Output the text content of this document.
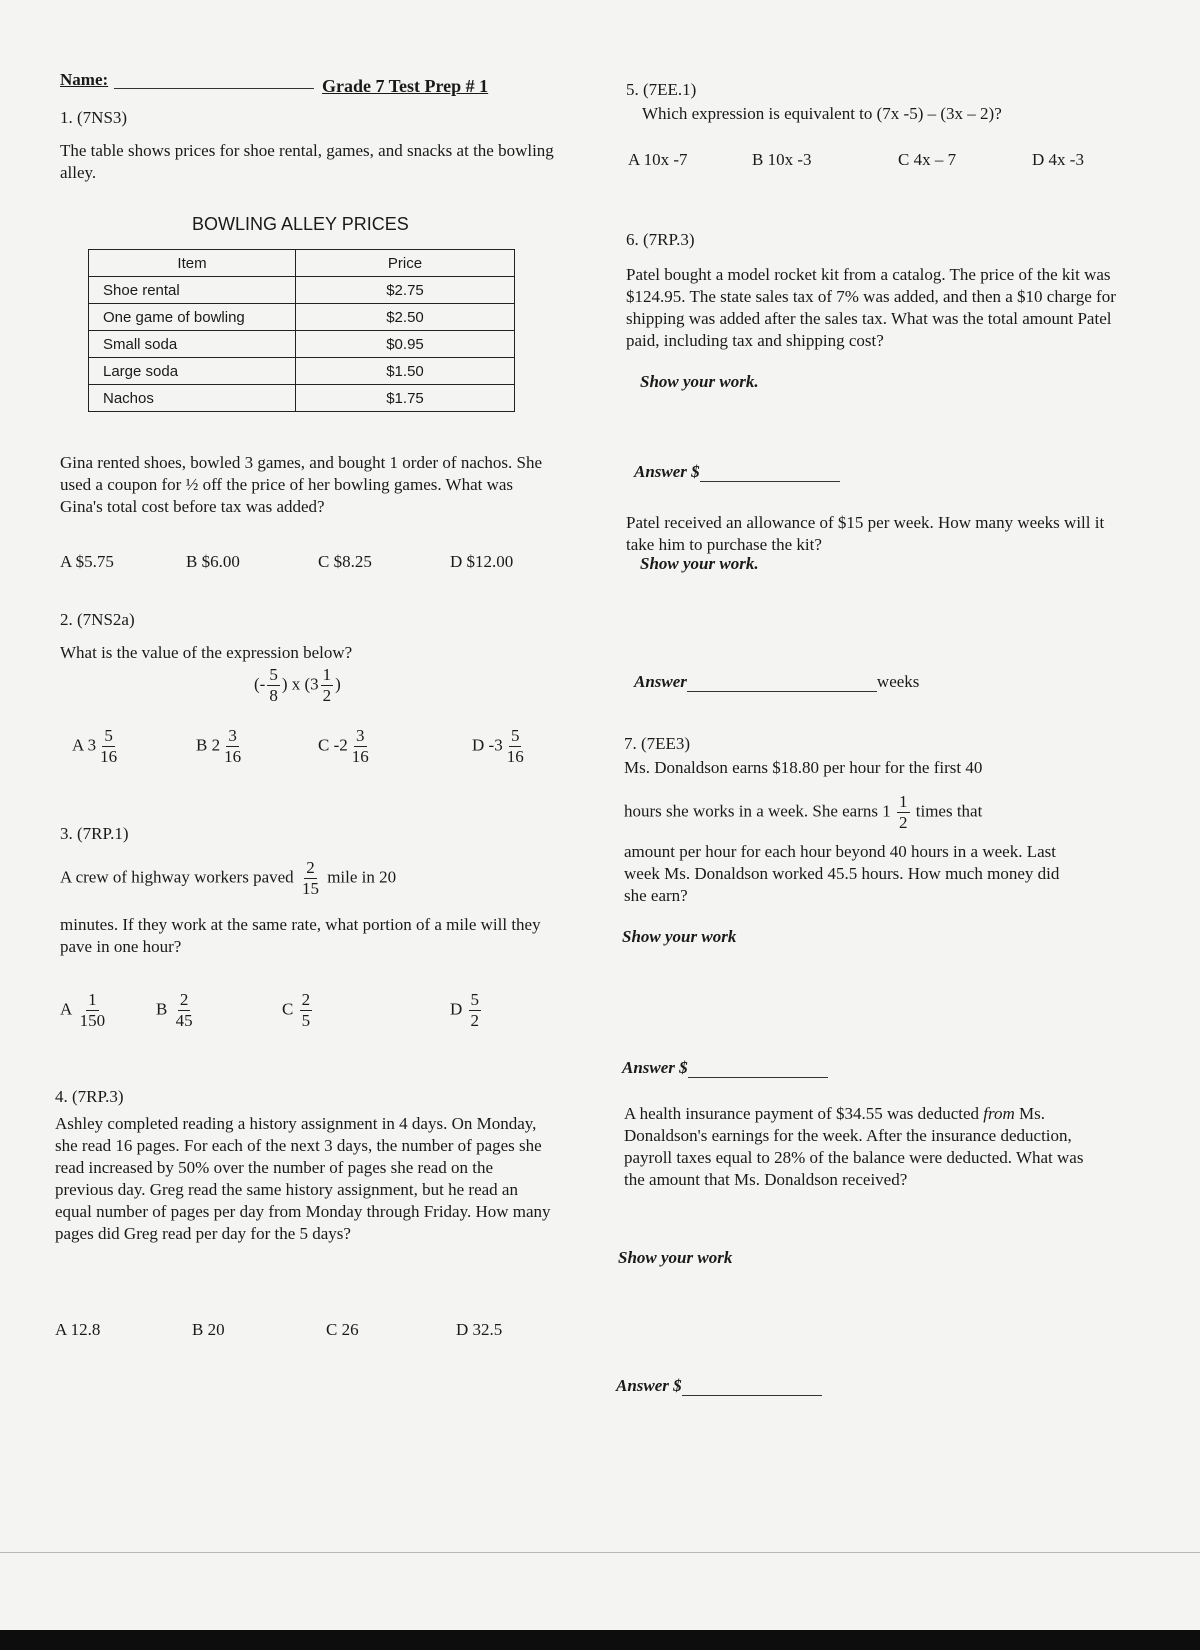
Name:	Grade 7 Test Prep # 1
1. (7NS3)
The table shows prices for shoe rental, games, and snacks at the bowling alley.
BOWLING ALLEY PRICES
Item	Price
Shoe rental	$2.75
One game of bowling	$2.50
Small soda	$0.95
Large soda	$1.50
Nachos	$1.75
Gina rented shoes, bowled 3 games, and bought 1 order of nachos. She used a coupon for ½ off the price of her bowling games. What was Gina's total cost before tax was added?
A $5.75	B $6.00	C $8.25	D $12.00
2. (7NS2a)
What is the value of the expression below?
(- $\frac{5}{8}$ ) x ($3 \frac{1}{2}$ )
A $3 \frac{5}{16}$	B $2 \frac{3}{16}$	C $-2 \frac{3}{16}$	D $-3 \frac{5}{16}$
3. (7RP.1)
A crew of highway workers paved $\frac{2}{15}$ mile in 20
minutes. If they work at the same rate, what portion of a mile will they pave in one hour?
A $\frac{1}{150}$	B $\frac{2}{45}$	C $\frac{2}{5}$	D $\frac{5}{2}$
4. (7RP.3)
Ashley completed reading a history assignment in 4 days. On Monday, she read 16 pages. For each of the next 3 days, the number of pages she read increased by 50% over the number of pages she read on the previous day. Greg read the same history assignment, but he read an equal number of pages per day from Monday through Friday. How many pages did Greg read per day for the 5 days?
A 12.8	B 20	C 26	D 32.5
5. (7EE.1)
Which expression is equivalent to (7x -5) – (3x – 2)?
A 10x -7	B 10x -3	C 4x – 7	D 4x -3
6. (7RP.3)
Patel bought a model rocket kit from a catalog. The price of the kit was $124.95. The state sales tax of 7% was added, and then a $10 charge for shipping was added after the sales tax. What was the total amount Patel paid, including tax and shipping cost?
Show your work.
Answer $
Patel received an allowance of $15 per week. How many weeks will it take him to purchase the kit?
Show your work.
Answer	weeks
7. (7EE3)
Ms. Donaldson earns $18.80 per hour for the first 40
hours she works in a week. She earns $1 \frac{1}{2}$ times that
amount per hour for each hour beyond 40 hours in a week. Last week Ms. Donaldson worked 45.5 hours. How much money did she earn?
Show your work
Answer $
A health insurance payment of $34.55 was deducted from Ms. Donaldson's earnings for the week. After the insurance deduction, payroll taxes equal to 28% of the balance were deducted. What was the amount that Ms. Donaldson received?
Show your work
Answer $
